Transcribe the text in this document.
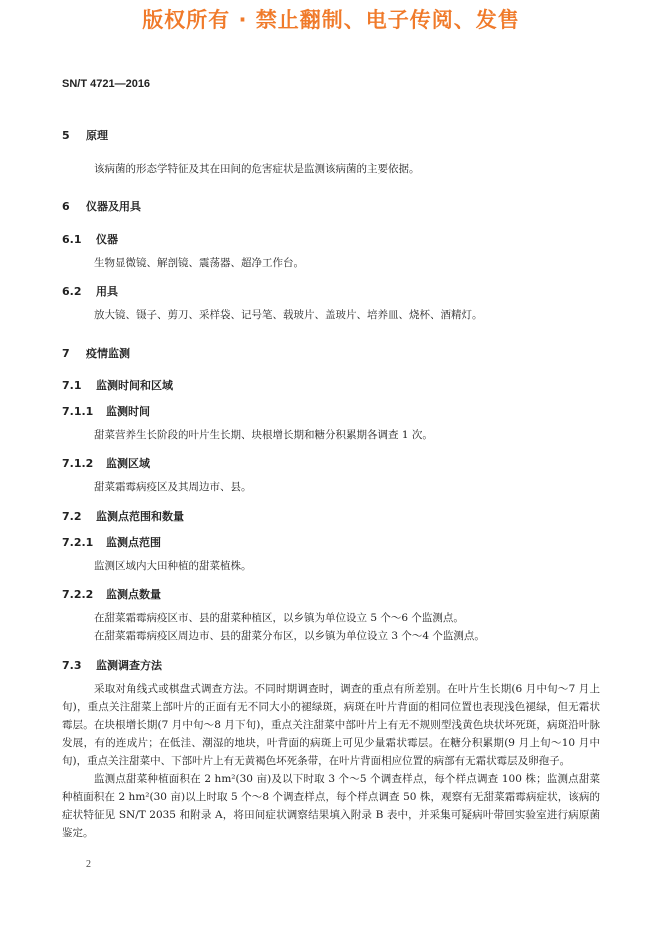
版权所有 · 禁止翻制、电子传阅、发售
SN/T 4721—2016
5 原理

该病菌的形态学特征及其在田间的危害症状是监测该病菌的主要依据。

6 仪器及用具
6.1 仪器

生物显微镜、解剖镜、震荡器、超净工作台。

6.2 用具

放大镜、镊子、剪刀、采样袋、记号笔、载玻片、盖玻片、培养皿、烧杯、酒精灯。

7 疫情监测
7.1 监测时间和区域
7.1.1 监测时间

甜菜营养生长阶段的叶片生长期、块根增长期和糖分积累期各调查 1 次。

7.1.2 监测区域

甜菜霜霉病疫区及其周边市、县。

7.2 监测点范围和数量
7.2.1 监测点范围

监测区域内大田种植的甜菜植株。

7.2.2 监测点数量

在甜菜霜霉病疫区市、县的甜菜种植区，以乡镇为单位设立 5 个～6 个监测点。

在甜菜霜霉病疫区周边市、县的甜菜分布区，以乡镇为单位设立 3 个～4 个监测点。

7.3 监测调查方法

采取对角线式或棋盘式调查方法。不同时期调查时，调查的重点有所差别。在叶片生长期(6 月中旬～7 月上旬)，重点关注甜菜上部叶片的正面有无不同大小的褪绿斑，病斑在叶片背面的相同位置也表现浅色褪绿，但无霜状霉层。在块根增长期(7 月中旬～8 月下旬)，重点关注甜菜中部叶片上有无不规则型浅黄色块状坏死斑，病斑沿叶脉发展，有的连成片；在低洼、潮湿的地块，叶背面的病斑上可见少量霜状霉层。在糖分积累期(9 月上旬～10 月中旬)，重点关注甜菜中、下部叶片上有无黄褐色坏死条带，在叶片背面相应位置的病部有无霜状霉层及卵孢子。

监测点甜菜种植面积在 2 hm²(30 亩)及以下时取 3 个～5 个调查样点，每个样点调查 100 株；监测点甜菜种植面积在 2 hm²(30 亩)以上时取 5 个～8 个调查样点，每个样点调查 50 株，观察有无甜菜霜霉病症状，该病的症状特征见 SN/T 2035 和附录 A，将田间症状调察结果填入附录 B 表中，并采集可疑病叶带回实验室进行病原菌鉴定。

2
